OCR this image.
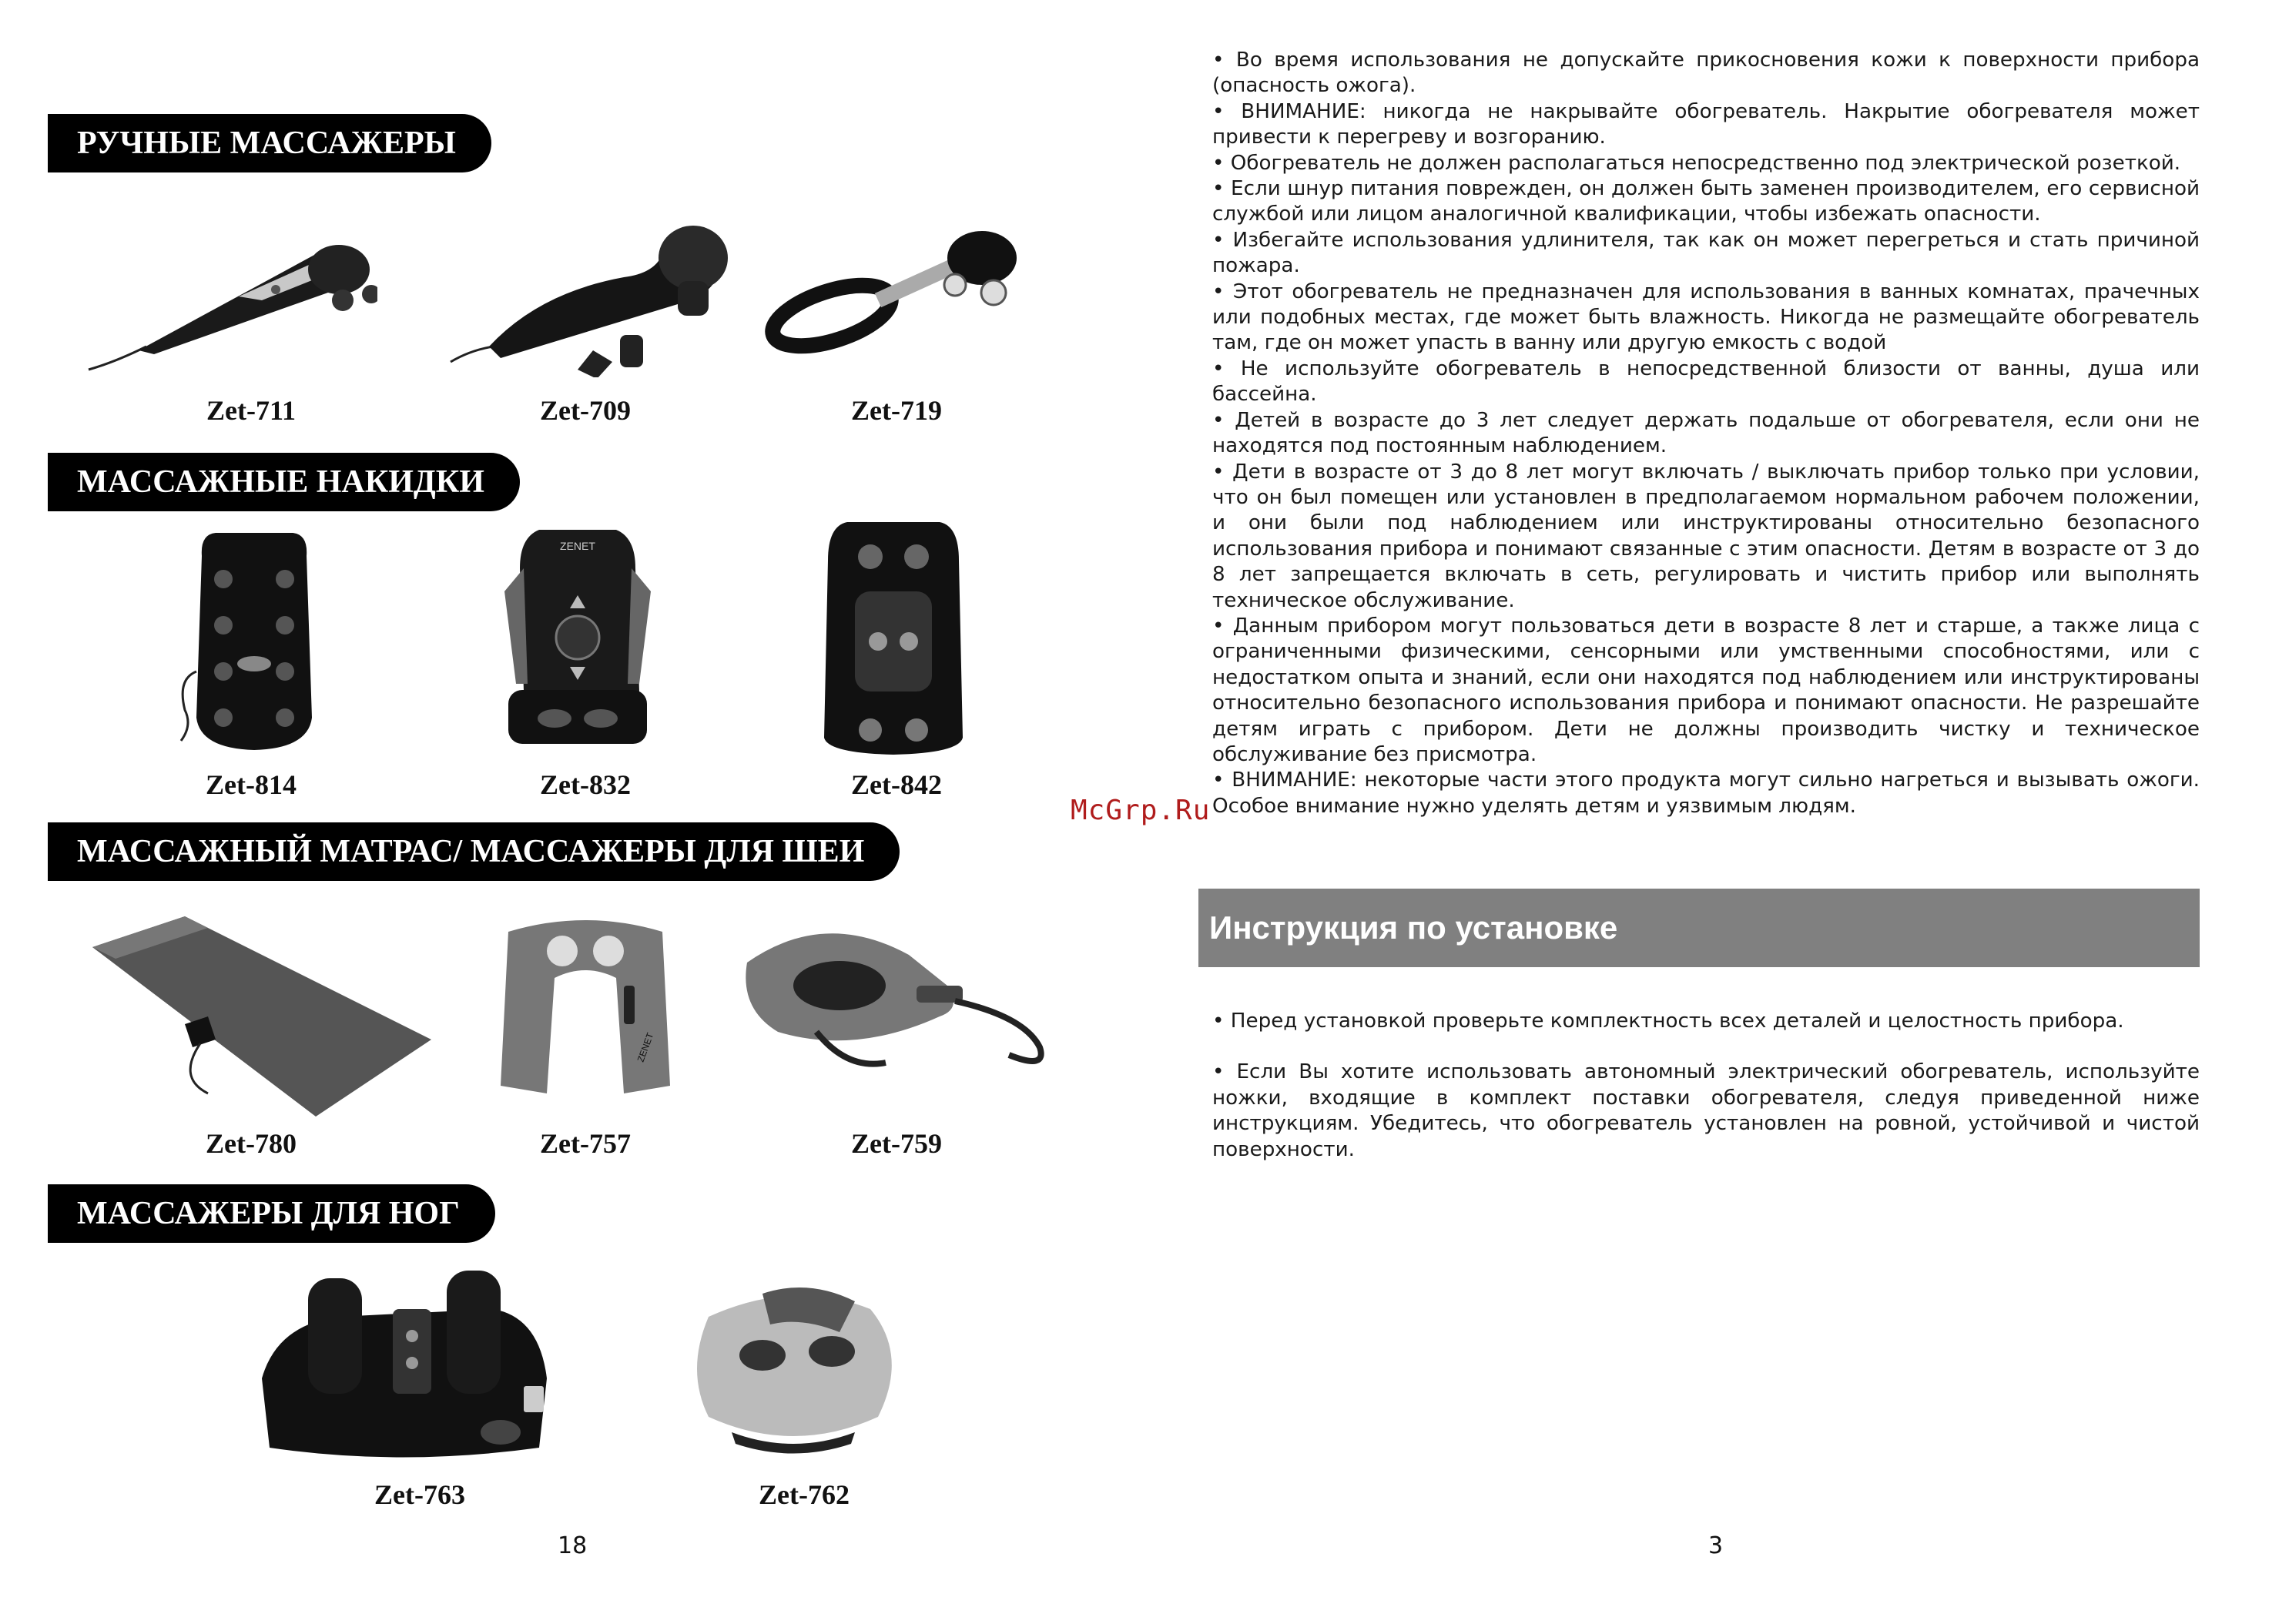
РУЧНЫЕ МАССАЖЕРЫ
Zet-711	Zet-709	Zet-719
МАССАЖНЫЕ НАКИДКИ
ZENET
Zet-814	Zet-832	Zet-842
МАССАЖНЫЙ МАТРАС/ МАССАЖЕРЫ ДЛЯ ШЕИ
ZENET
Zet-780	Zet-757	Zet-759
МАССАЖЕРЫ ДЛЯ НОГ
Zet-763	Zet-762
18

• Во время использования не допускайте прикосновения кожи к поверхности прибора (опасность ожога).

• ВНИМАНИЕ: никогда не накрывайте обогреватель. Накрытие обогревателя может привести к перегреву и возгоранию.

• Обогреватель не должен располагаться непосредственно под электрической розеткой.

• Если шнур питания поврежден, он должен быть заменен производителем, его сервисной службой или лицом аналогичной квалификации, чтобы избежать опасности.

• Избегайте использования удлинителя, так как он может перегреться и стать причиной пожара.

• Этот обогреватель не предназначен для использования в ванных комнатах, прачечных или подобных местах, где может быть влажность. Никогда не размещайте обогреватель там, где он может упасть в ванну или другую емкость с водой

• Не используйте обогреватель в непосредственной близости от ванны, душа или бассейна.

• Детей в возрасте до 3 лет следует держать подальше от обогревателя, если они не находятся под постоянным наблюдением.

• Дети в возрасте от 3 до 8 лет могут включать / выключать прибор только при условии, что он был помещен или установлен в предполагаемом нормальном рабочем положении, и они были под наблюдением или инструктированы относительно безопасного использования прибора и понимают связанные с этим опасности. Детям в возрасте от 3 до 8 лет запрещается включать в сеть, регулировать и чистить прибор или выполнять техническое обслуживание.

• Данным прибором могут пользоваться дети в возрасте 8 лет и старше, а также лица с ограниченными физическими, сенсорными или умственными способностями, или с недостатком опыта и знаний, если они находятся под наблюдением или инструктированы относительно безопасного использования прибора и понимают опасности. Не разрешайте детям играть с прибором. Дети не должны производить чистку и техническое обслуживание без присмотра.

• ВНИМАНИЕ: некоторые части этого продукта могут сильно нагреться и вызывать ожоги. Особое внимание нужно уделять детям и уязвимым людям.

Инструкция по установке

• Перед установкой проверьте комплектность всех деталей и целостность прибора.

• Если Вы хотите использовать автономный электрический обогреватель, используйте ножки, входящие в комплект поставки обогревателя, следуя приведенной ниже инструкциям. Убедитесь, что обогреватель установлен на ровной, устойчивой и чистой поверхности.

3
McGrp.Ru
